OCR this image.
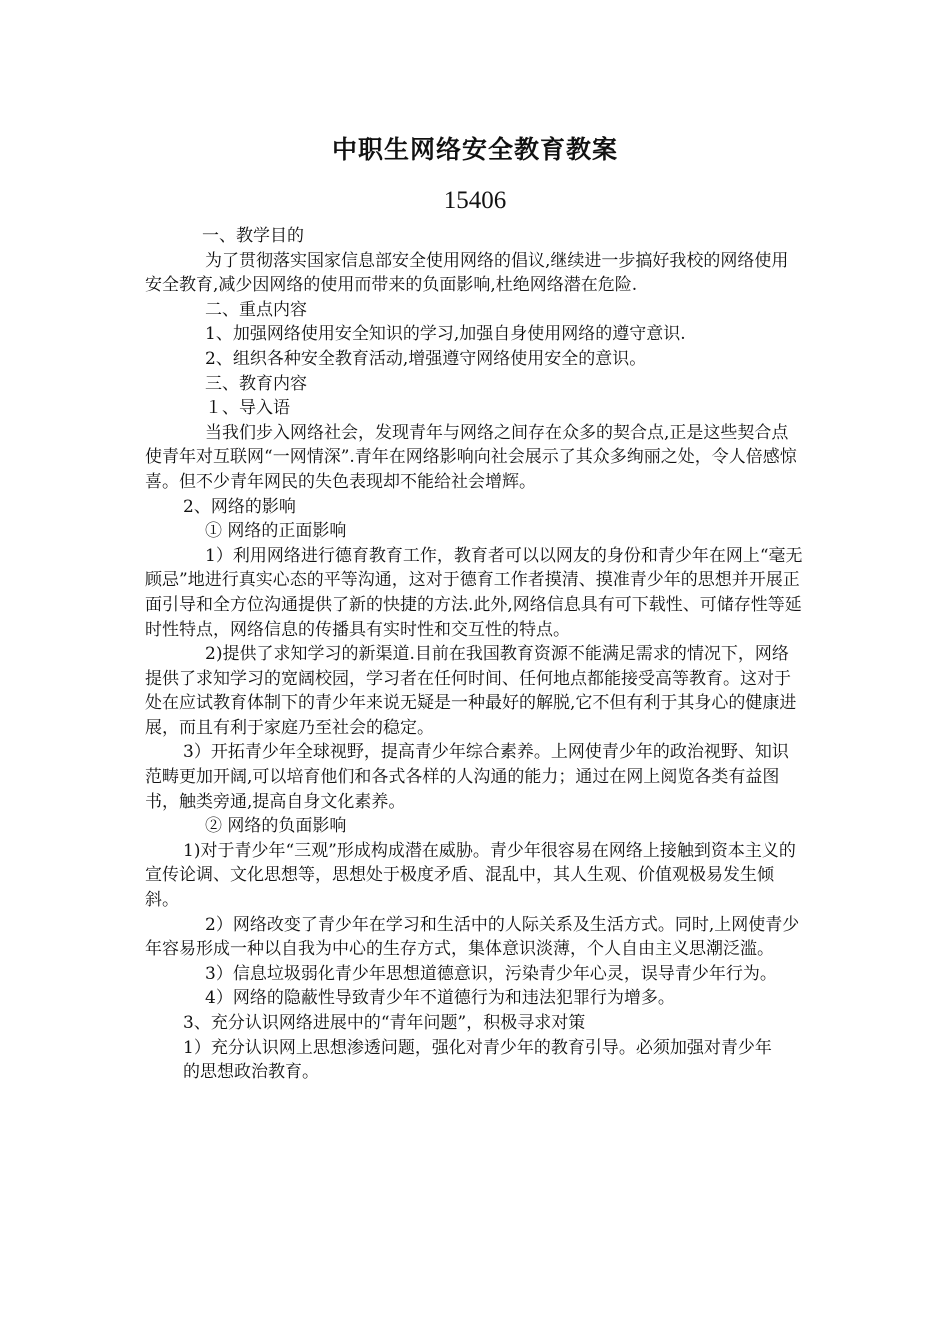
中职生网络安全教育教案
15406

一、教学目的

为了贯彻落实国家信息部安全使用网络的倡议,继续进一步搞好我校的网络使用安全教育,减少因网络的使用而带来的负面影响,杜绝网络潜在危险.

二、重点内容

1、加强网络使用安全知识的学习,加强自身使用网络的遵守意识.

2、组织各种安全教育活动,增强遵守网络使用安全的意识。

三、教育内容

１、导入语

当我们步入网络社会，发现青年与网络之间存在众多的契合点,正是这些契合点使青年对互联网“一网情深”.青年在网络影响向社会展示了其众多绚丽之处，令人倍感惊喜。但不少青年网民的失色表现却不能给社会增辉。

2、网络的影响

① 网络的正面影响

1）利用网络进行德育教育工作，教育者可以以网友的身份和青少年在网上“毫无顾忌”地进行真实心态的平等沟通，这对于德育工作者摸清、摸准青少年的思想并开展正面引导和全方位沟通提供了新的快捷的方法.此外,网络信息具有可下载性、可储存性等延时性特点，网络信息的传播具有实时性和交互性的特点。

2)提供了求知学习的新渠道.目前在我国教育资源不能满足需求的情况下，网络提供了求知学习的宽阔校园，学习者在任何时间、任何地点都能接受高等教育。这对于处在应试教育体制下的青少年来说无疑是一种最好的解脱,它不但有利于其身心的健康进展，而且有利于家庭乃至社会的稳定。

3）开拓青少年全球视野，提高青少年综合素养。上网使青少年的政治视野、知识范畴更加开阔,可以培育他们和各式各样的人沟通的能力；通过在网上阅览各类有益图书，触类旁通,提高自身文化素养。

② 网络的负面影响

1)对于青少年“三观”形成构成潜在威胁。青少年很容易在网络上接触到资本主义的宣传论调、文化思想等，思想处于极度矛盾、混乱中，其人生观、价值观极易发生倾斜。

2）网络改变了青少年在学习和生活中的人际关系及生活方式。同时,上网使青少年容易形成一种以自我为中心的生存方式，集体意识淡薄，个人自由主义思潮泛滥。

3）信息垃圾弱化青少年思想道德意识，污染青少年心灵，误导青少年行为。

4）网络的隐蔽性导致青少年不道德行为和违法犯罪行为增多。

3、充分认识网络进展中的“青年问题”，积极寻求对策

1）充分认识网上思想渗透问题，强化对青少年的教育引导。必须加强对青少年

的思想政治教育。
